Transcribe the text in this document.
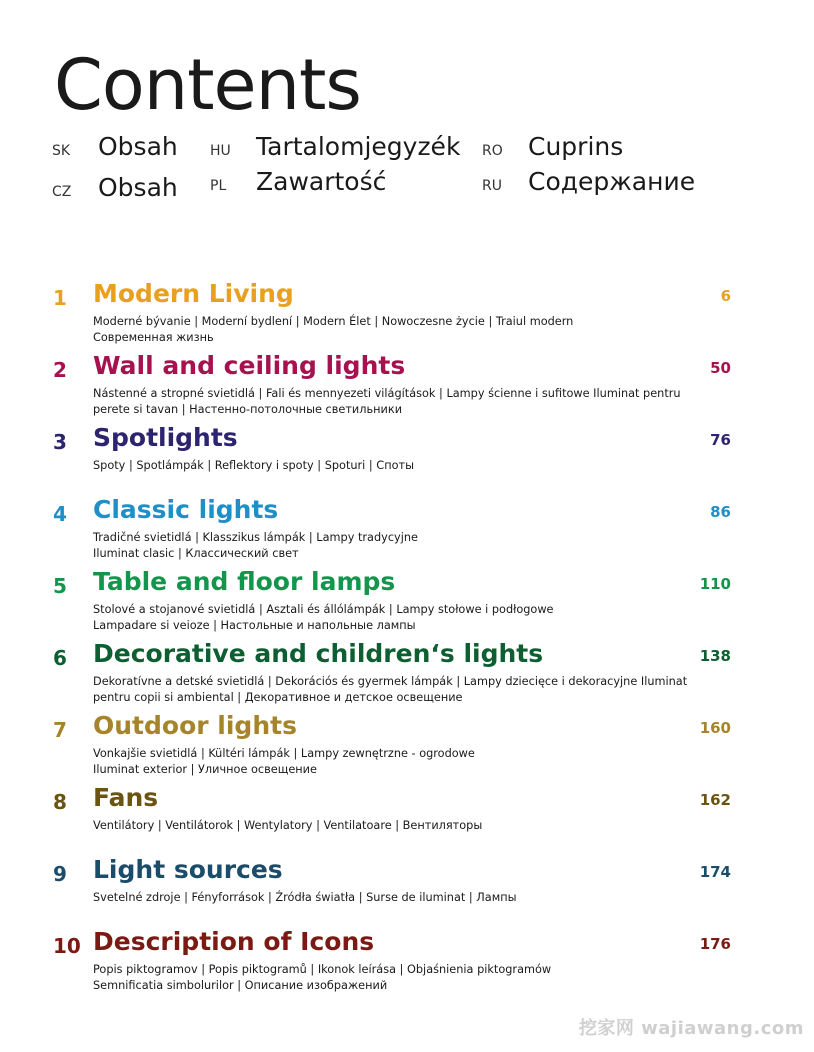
Contents
SK	Obsah HU	Tartalomjegyzék RO	Cuprins
CZ	Obsah PL	Zawartość	RU	Содержание
1	Modern Living	6
Moderné bývanie | Moderní bydlení | Modern Élet | Nowoczesne życie | Traiul modern
Современная жизнь
2	Wall and ceiling lights	50
Nástenné a stropné svietidlá | Fali és mennyezeti világítások | Lampy ścienne i sufitowe Iluminat pentru
perete si tavan | Настенно-потолочные светильники
3	Spotlights	76
Spoty | Spotlámpák | Reflektory i spoty | Spoturi | Споты
4	Classic lights	86
Tradičné svietidlá | Klasszikus lámpák | Lampy tradycyjne
Iluminat clasic | Классический свет
5	Table and floor lamps	110
Stolové a stojanové svietidlá | Asztali és állólámpák | Lampy stołowe i podłogowe
Lampadare si veioze | Настольные и напольные лампы
6	Decorative and children‘s lights	138
Dekoratívne a detské svietidlá | Dekorációs és gyermek lámpák | Lampy dziecięce i dekoracyjne Iluminat
pentru copii si ambiental | Декоративное и детское освещение
7	Outdoor lights	160
Vonkajšie svietidlá | Kültéri lámpák | Lampy zewnętrzne - ogrodowe
Iluminat exterior | Уличное освещение
8	Fans	162
Ventilátory | Ventilátorok | Wentylatory | Ventilatoare | Вентиляторы
9	Light sources	174
Svetelné zdroje | Fényforrások | Źródła światła | Surse de iluminat | Лампы
10 Description of Icons	176
Popis piktogramov | Popis piktogramů | Ikonok leírása | Objaśnienia piktogramów
Semnificatia simbolurilor | Описание изображений
挖家网 wajiawang.com
